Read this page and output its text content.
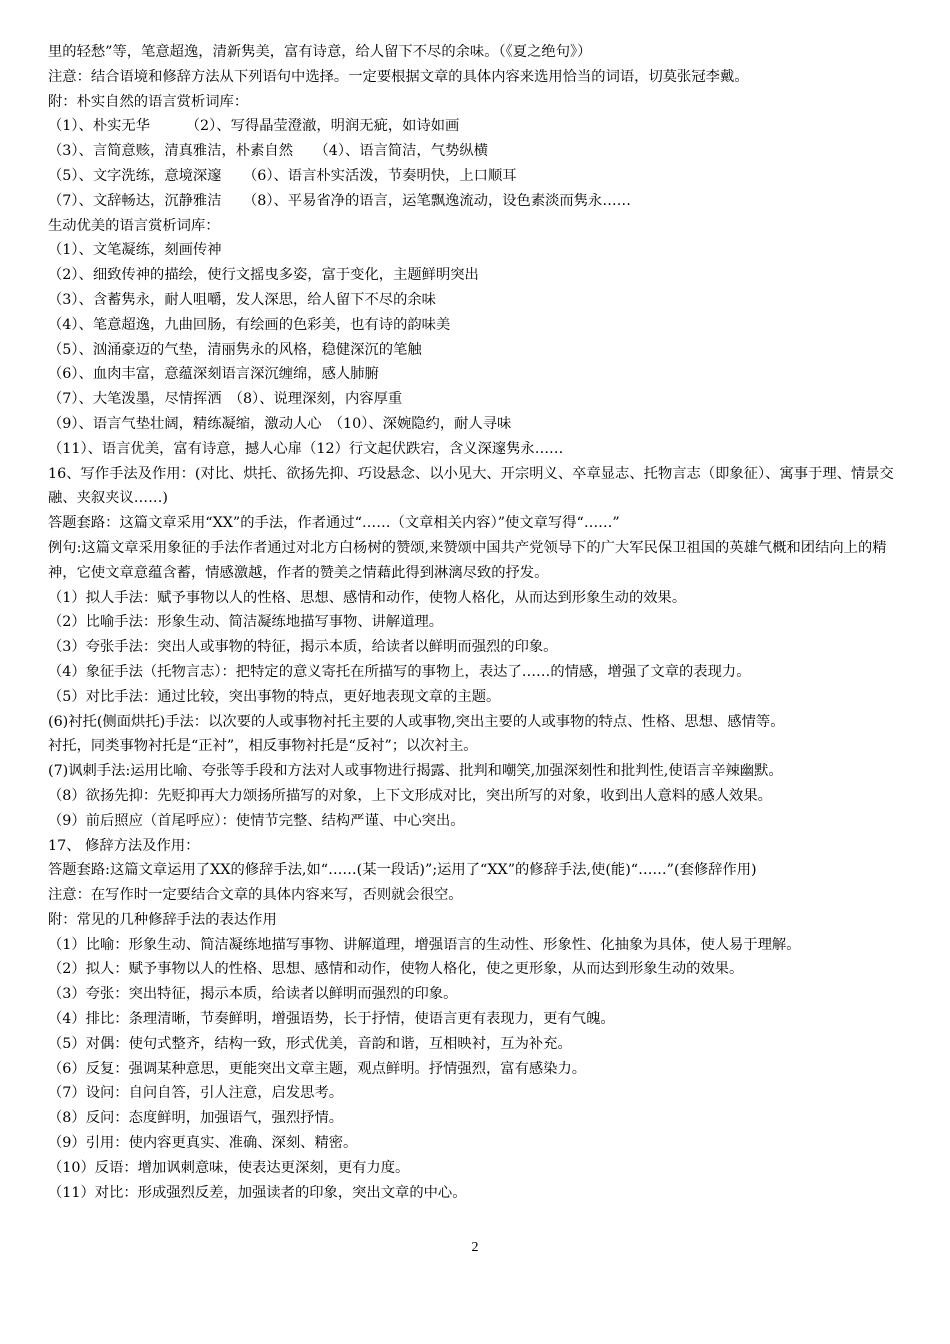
里的轻愁”等，笔意超逸，清新隽美，富有诗意，给人留下不尽的余味。（《夏之绝句》）
注意：结合语境和修辞方法从下列语句中选择。一定要根据文章的具体内容来选用恰当的词语，切莫张冠李戴。
附：朴实自然的语言赏析词库：
（1）、朴实无华　　　（2）、写得晶莹澄澈，明润无疵，如诗如画
（3）、言简意赅，清真雅洁，朴素自然　　（4）、语言简洁，气势纵横
（5）、文字洗练，意境深邃　　（6）、语言朴实活泼，节奏明快，上口顺耳
（7）、文辞畅达，沉静雅洁　　（8）、平易省净的语言，运笔飘逸流动，设色素淡而隽永……
生动优美的语言赏析词库：
（1）、文笔凝练，刻画传神
（2）、细致传神的描绘，使行文摇曳多姿，富于变化，主题鲜明突出
（3）、含蓄隽永，耐人咀嚼，发人深思，给人留下不尽的余味
（4）、笔意超逸，九曲回肠，有绘画的色彩美，也有诗的韵味美
（5）、汹涌豪迈的气垫，清丽隽永的风格，稳健深沉的笔触
（6）、血肉丰富，意蕴深刻语言深沉缠绵，感人肺腑
（7）、大笔泼墨，尽情挥洒　（8）、说理深刻，内容厚重
（9）、语言气垫壮阔，精练凝缩，激动人心　（10）、深婉隐约，耐人寻味
（11）、语言优美，富有诗意，撼人心扉（12）行文起伏跌宕，含义深邃隽永……
16、写作手法及作用：(对比、烘托、欲扬先抑、巧设悬念、以小见大、开宗明义、卒章显志、托物言志（即象征）、寓事于理、情景交融、夹叙夹议……)
答题套路：这篇文章采用“XX”的手法，作者通过“……（文章相关内容）”使文章写得“……”
例句:这篇文章采用象征的手法作者通过对北方白杨树的赞颂,来赞颂中国共产党领导下的广大军民保卫祖国的英雄气概和团结向上的精神，它使文章意蕴含蓄，情感激越，作者的赞美之情藉此得到淋漓尽致的抒发。
（1）拟人手法：赋予事物以人的性格、思想、感情和动作，使物人格化，从而达到形象生动的效果。
（2）比喻手法：形象生动、简洁凝练地描写事物、讲解道理。
（3）夸张手法：突出人或事物的特征，揭示本质，给读者以鲜明而强烈的印象。
（4）象征手法（托物言志）：把特定的意义寄托在所描写的事物上，表达了……的情感，增强了文章的表现力。
（5）对比手法：通过比较，突出事物的特点，更好地表现文章的主题。
(6)衬托(侧面烘托)手法：以次要的人或事物衬托主要的人或事物,突出主要的人或事物的特点、性格、思想、感情等。
衬托，同类事物衬托是“正衬”，相反事物衬托是“反衬”；以次衬主。
(7)讽刺手法:运用比喻、夸张等手段和方法对人或事物进行揭露、批判和嘲笑,加强深刻性和批判性,使语言辛辣幽默。
（8）欲扬先抑：先贬抑再大力颂扬所描写的对象，上下文形成对比，突出所写的对象，收到出人意料的感人效果。
（9）前后照应（首尾呼应）：使情节完整、结构严谨、中心突出。
17、 修辞方法及作用：
答题套路:这篇文章运用了XX的修辞手法,如“……(某一段话)”;运用了“XX”的修辞手法,使(能)“……”(套修辞作用)
注意：在写作时一定要结合文章的具体内容来写，否则就会很空。
附：常见的几种修辞手法的表达作用
（1）比喻：形象生动、简洁凝练地描写事物、讲解道理，增强语言的生动性、形象性、化抽象为具体，使人易于理解。
（2）拟人：赋予事物以人的性格、思想、感情和动作，使物人格化，使之更形象，从而达到形象生动的效果。
（3）夸张：突出特征，揭示本质，给读者以鲜明而强烈的印象。
（4）排比：条理清晰，节奏鲜明，增强语势，长于抒情，使语言更有表现力，更有气魄。
（5）对偶：使句式整齐，结构一致，形式优美，音韵和谐，互相映衬，互为补充。
（6）反复：强调某种意思，更能突出文章主题，观点鲜明。抒情强烈，富有感染力。
（7）设问：自问自答，引人注意，启发思考。
（8）反问：态度鲜明，加强语气，强烈抒情。
（9）引用：使内容更真实、准确、深刻、精密。
（10）反语：增加讽刺意味，使表达更深刻，更有力度。
（11）对比：形成强烈反差，加强读者的印象，突出文章的中心。
2
